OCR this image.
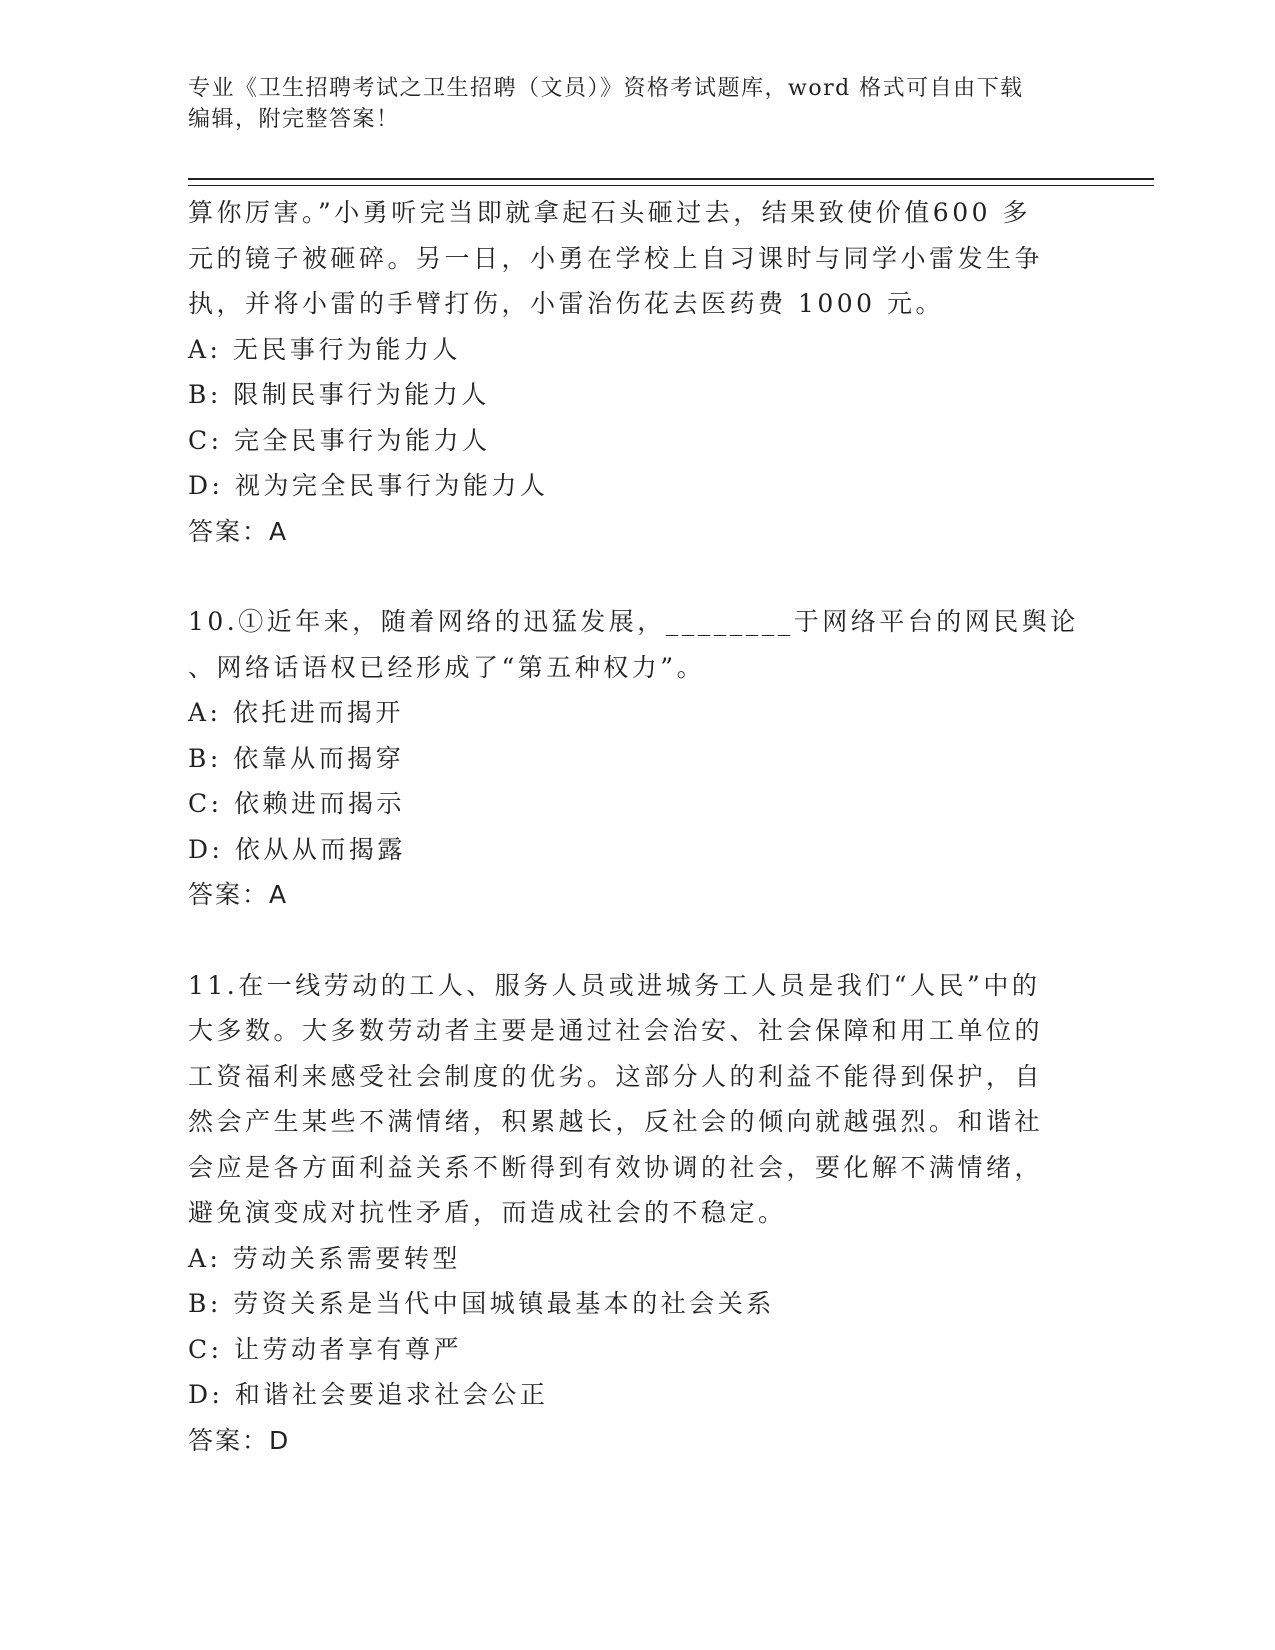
专业《卫生招聘考试之卫生招聘（文员）》资格考试题库，word 格式可自由下载
编辑，附完整答案！
算你厉害。”小勇听完当即就拿起石头砸过去，结果致使价值600 多
元的镜子被砸碎。另一日，小勇在学校上自习课时与同学小雷发生争
执，并将小雷的手臂打伤，小雷治伤花去医药费 1000 元。
A: 无民事行为能力人
B: 限制民事行为能力人
C: 完全民事行为能力人
D: 视为完全民事行为能力人
答案：A
10.①近年来，随着网络的迅猛发展，________于网络平台的网民舆论
、网络话语权已经形成了“第五种权力”。
A: 依托进而揭开
B: 依靠从而揭穿
C: 依赖进而揭示
D: 依从从而揭露
答案：A
11.在一线劳动的工人、服务人员或进城务工人员是我们“人民”中的
大多数。大多数劳动者主要是通过社会治安、社会保障和用工单位的
工资福利来感受社会制度的优劣。这部分人的利益不能得到保护，自
然会产生某些不满情绪，积累越长，反社会的倾向就越强烈。和谐社
会应是各方面利益关系不断得到有效协调的社会，要化解不满情绪，
避免演变成对抗性矛盾，而造成社会的不稳定。
A: 劳动关系需要转型
B: 劳资关系是当代中国城镇最基本的社会关系
C: 让劳动者享有尊严
D: 和谐社会要追求社会公正
答案：D
